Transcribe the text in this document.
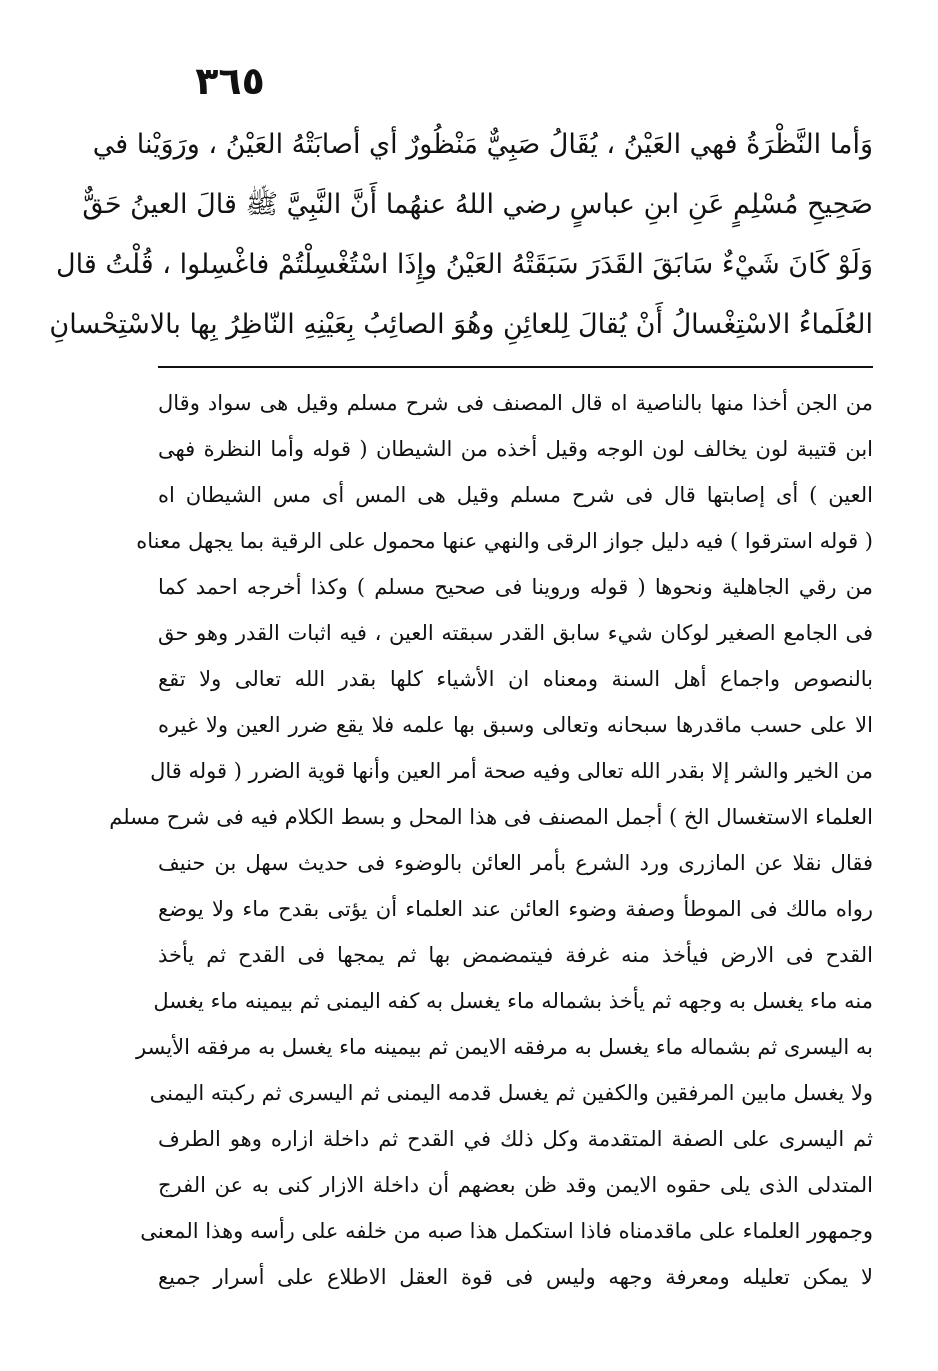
٣٦٥
وَأما النَّظْرَةُ فهي العَيْنُ ، يُقَالُ صَبِيٌّ مَنْظُورٌ أي أصابَتْهُ العَيْنُ ، ورَوَيْنا في
صَحِيحِ مُسْلِمٍ عَنِ ابنِ عباسٍ رضي اللهُ عنهُما أَنَّ النَّبِيَّ ﷺ قالَ العينُ حَقٌّ
وَلَوْ كَانَ شَيْءٌ سَابَقَ القَدَرَ سَبَقَتْهُ العَيْنُ وإِذَا اسْتُغْسِلْتُمْ فاغْسِلوا ، قُلْتُ قال
العُلَماءُ الاسْتِغْسالُ أَنْ يُقالَ لِلعائِنِ وهُوَ الصائِبُ بِعَيْنِهِ النّاظِرُ بِها بالاسْتِحْسانِ
من الجن أخذا منها بالناصية اه قال المصنف فى شرح مسلم وقيل هى سواد وقال
ابن قتيبة لون يخالف لون الوجه وقيل أخذه من الشيطان ( قوله وأما النظرة فهى
العين ) أى إصابتها قال فى شرح مسلم وقيل هى المس أى مس الشيطان اه
( قوله استرقوا ) فيه دليل جواز الرقى والنهي عنها محمول على الرقية بما يجهل معناه
من رقي الجاهلية ونحوها ( قوله وروينا فى صحيح مسلم ) وكذا أخرجه احمد كما
فى الجامع الصغير لوكان شيء سابق القدر سبقته العين ، فيه اثبات القدر وهو حق
بالنصوص واجماع أهل السنة ومعناه ان الأشياء كلها بقدر الله تعالى ولا تقع
الا على حسب ماقدرها سبحانه وتعالى وسبق بها علمه فلا يقع ضرر العين ولا غيره
من الخير والشر إلا بقدر الله تعالى وفيه صحة أمر العين وأنها قوية الضرر ( قوله قال
العلماء الاستغسال الخ ) أجمل المصنف فى هذا المحل و بسط الكلام فيه فى شرح مسلم
فقال نقلا عن المازرى ورد الشرع بأمر العائن بالوضوء فى حديث سهل بن حنيف
رواه مالك فى الموطأ وصفة وضوء العائن عند العلماء أن يؤتى بقدح ماء ولا يوضع
القدح فى الارض فيأخذ منه غرفة فيتمضمض بها ثم يمجها فى القدح ثم يأخذ
منه ماء يغسل به وجهه ثم يأخذ بشماله ماء يغسل به كفه اليمنى ثم بيمينه ماء يغسل
به اليسرى ثم بشماله ماء يغسل به مرفقه الايمن ثم بيمينه ماء يغسل به مرفقه الأيسر
ولا يغسل مابين المرفقين والكفين ثم يغسل قدمه اليمنى ثم اليسرى ثم ركبته اليمنى
ثم اليسرى على الصفة المتقدمة وكل ذلك في القدح ثم داخلة ازاره وهو الطرف
المتدلى الذى يلى حقوه الايمن وقد ظن بعضهم أن داخلة الازار كنى به عن الفرج
وجمهور العلماء على ماقدمناه فاذا استكمل هذا صبه من خلفه على رأسه وهذا المعنى
لا يمكن تعليله ومعرفة وجهه وليس فى قوة العقل الاطلاع على أسرار جميع
